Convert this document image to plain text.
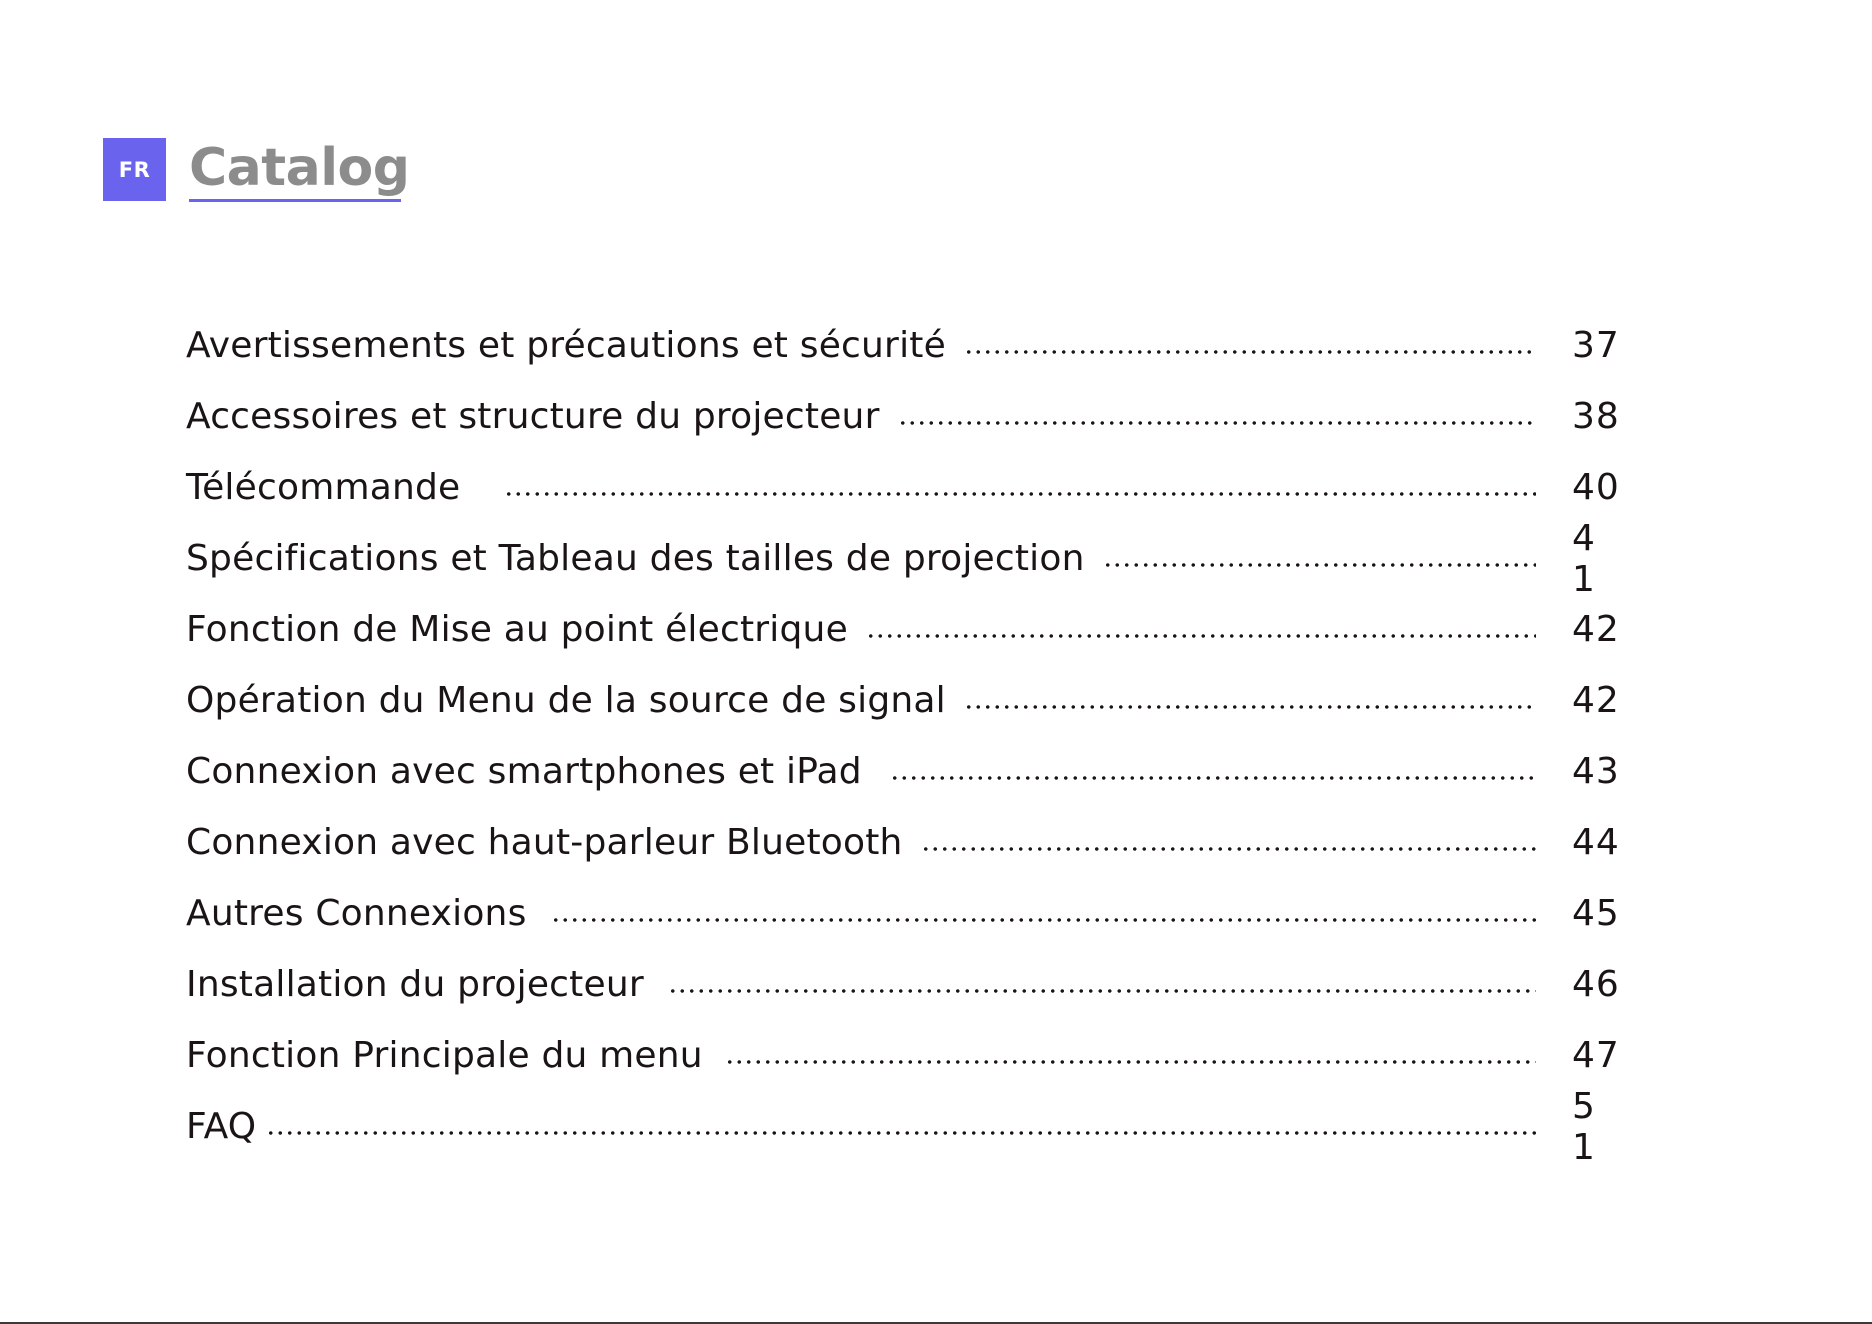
FR Catalog
Avertissements et précautions et sécurité	37
Accessoires et structure du projecteur	38
Télécommande	40
Spécifications et Tableau des tailles de projection	4 1
Fonction de Mise au point électrique	42
Opération du Menu de la source de signal	42
Connexion avec smartphones et iPad	43
Connexion avec haut-parleur Bluetooth	44
Autres Connexions	45
Installation du projecteur	46
Fonction Principale du menu	47
FAQ	5 1
